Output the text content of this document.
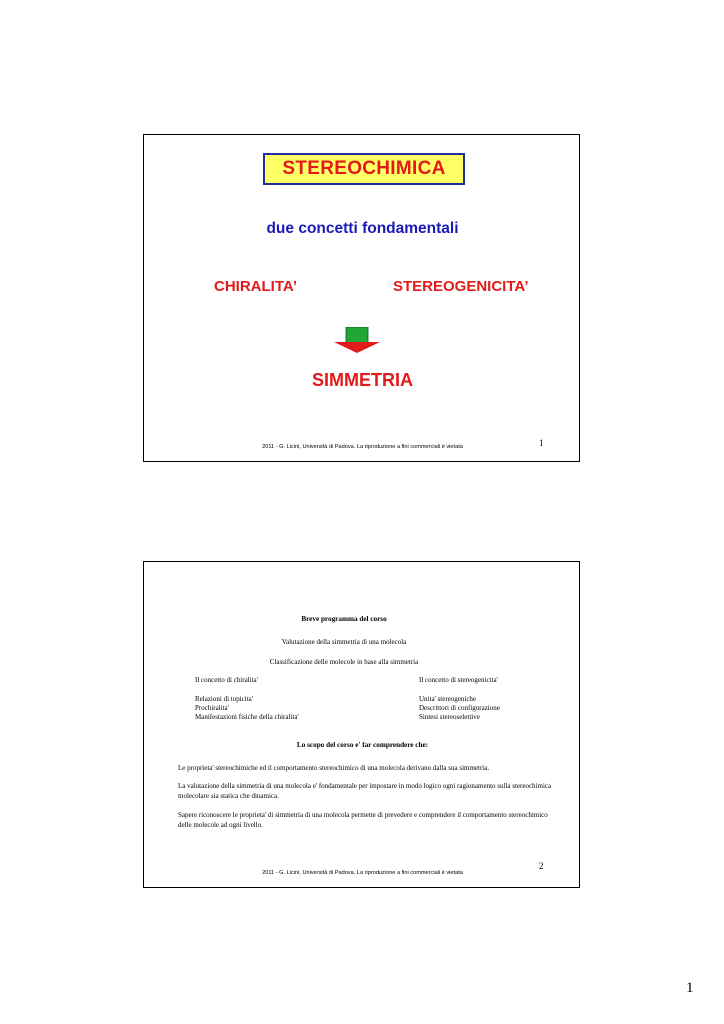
STEREOCHIMICA
due concetti fondamentali
CHIRALITA’	STEREOGENICITA’
SIMMETRIA
1
2011 - G. Licini, Università di Padova. La riproduzione a fini commerciali è vietata
Breve programma del corso
Valutazione della simmetria di una molecola
Classificazione delle molecole in base alla simmetria
Il concetto di chiralita'	Il concetto di stereogenicita'
Relazioni di topicita'
Prochiralita'
Manifestazioni fisiche della chiralita'
Unita' stereogeniche
Descrittori di configurazione
Sintesi stereoselettive
Lo scopo del corso e' far comprendere che:
Le proprieta' stereochimiche ed il comportamento stereochimico di una molecola derivano dalla sua simmetria.
La valutazione della simmetria di una molecola e' fondamentale per impostare in modo logico ogni ragionamento sulla stereochimica molecolare sia statica che dinamica.
Sapere riconoscere le proprieta' di simmetria di una molecola permette di prevedere e comprendere il comportamento stereochimico delle molecole ad ogni livello.
2
2011 - G. Licini, Università di Padova. La riproduzione a fini commerciali è vietata
1
